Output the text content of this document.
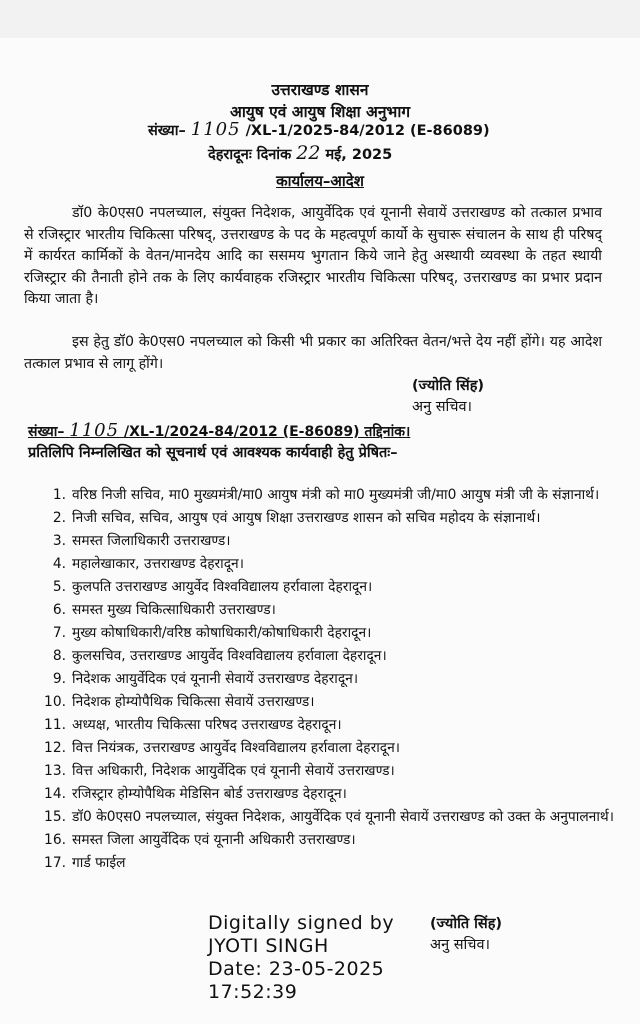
उत्तराखण्ड शासन
आयुष एवं आयुष शिक्षा अनुभाग
संख्या– 1105 /XL-1/2025-84/2012 (E-86089)
देहरादूनः दिनांक 22 मई, 2025
कार्यालय–आदेश
डॉ0 के0एस0 नपलच्याल, संयुक्त निदेशक, आयुर्वेदिक एवं यूनानी सेवायें उत्तराखण्ड को तत्काल प्रभाव से रजिस्ट्रार भारतीय चिकित्सा परिषद्, उत्तराखण्ड के पद के महत्वपूर्ण कार्यो के सुचारू संचालन के साथ ही परिषद् में कार्यरत कार्मिकों के वेतन/मानदेय आदि का ससमय भुगतान किये जाने हेतु अस्थायी व्यवस्था के तहत स्थायी रजिस्ट्रार की तैनाती होने तक के लिए कार्यवाहक रजिस्ट्रार भारतीय चिकित्सा परिषद्, उत्तराखण्ड का प्रभार प्रदान किया जाता है।
इस हेतु डॉ0 के0एस0 नपलच्याल को किसी भी प्रकार का अतिरिक्त वेतन/भत्ते देय नहीं होंगे। यह आदेश तत्काल प्रभाव से लागू होंगे।
(ज्योति सिंह)
अनु सचिव।
संख्या– 1105 /XL-1/2024-84/2012 (E-86089) तद्दिनांक।
प्रतिलिपि निम्नलिखित को सूचनार्थ एवं आवश्यक कार्यवाही हेतु प्रेषितः–
1. वरिष्ठ निजी सचिव, मा0 मुख्यमंत्री/मा0 आयुष मंत्री को मा0 मुख्यमंत्री जी/मा0 आयुष मंत्री जी के संज्ञानार्थ।
2. निजी सचिव, सचिव, आयुष एवं आयुष शिक्षा उत्तराखण्ड शासन को सचिव महोदय के संज्ञानार्थ।
3. समस्त जिलाधिकारी उत्तराखण्ड।
4. महालेखाकार, उत्तराखण्ड देहरादून।
5. कुलपति उत्तराखण्ड आयुर्वेद विश्वविद्यालय हर्रावाला देहरादून।
6. समस्त मुख्य चिकित्साधिकारी उत्तराखण्ड।
7. मुख्य कोषाधिकारी/वरिष्ठ कोषाधिकारी/कोषाधिकारी देहरादून।
8. कुलसचिव, उत्तराखण्ड आयुर्वेद विश्वविद्यालय हर्रावाला देहरादून।
9. निदेशक आयुर्वेदिक एवं यूनानी सेवायें उत्तराखण्ड देहरादून।
10. निदेशक होम्योपैथिक चिकित्सा सेवायें उत्तराखण्ड।
11. अध्यक्ष, भारतीय चिकित्सा परिषद उत्तराखण्ड देहरादून।
12. वित्त नियंत्रक, उत्तराखण्ड आयुर्वेद विश्वविद्यालय हर्रावाला देहरादून।
13. वित्त अधिकारी, निदेशक आयुर्वेदिक एवं यूनानी सेवायें उत्तराखण्ड।
14. रजिस्ट्रार होम्योपैथिक मेडिसिन बोर्ड उत्तराखण्ड देहरादून।
15. डॉ0 के0एस0 नपलच्याल, संयुक्त निदेशक, आयुर्वेदिक एवं यूनानी सेवायें उत्तराखण्ड को उक्त के अनुपालनार्थ।
16. समस्त जिला आयुर्वेदिक एवं यूनानी अधिकारी उत्तराखण्ड।
17. गार्ड फाईल
Digitally signed by
JYOTI SINGH
Date: 23-05-2025
17:52:39
(ज्योति सिंह)
अनु सचिव।
